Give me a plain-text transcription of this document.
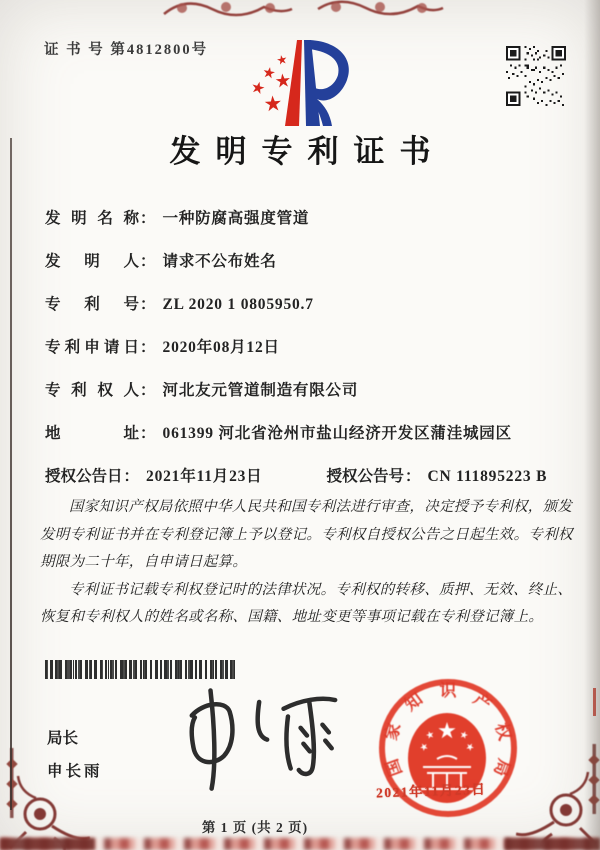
证 书 号 第4812800号
发明专利证书
发明名称 ： 一种防腐高强度管道
发明人 ： 请求不公布姓名
专利号 ： ZL 2020 1 0805950.7
专利申请日 ： 2020年08月12日
专利权人 ： 河北友元管道制造有限公司
地址 ： 061399 河北省沧州市盐山经济开发区蒲洼城园区
授权公告日 ： 2021年11月23日	授权公告号 ： CN 111895223 B

国家知识产权局依照中华人民共和国专利法进行审查，决定授予专利权，颁发发明专利证书并在专利登记簿上予以登记。专利权自授权公告之日起生效。专利权期限为二十年，自申请日起算。

专利证书记载专利权登记时的法律状况。专利权的转移、质押、无效、终止、恢复和专利权人的姓名或名称、国籍、地址变更等事项记载在专利登记簿上。

局长
申长雨	国
家
知 识 产
权
局
2021年11月23日
第 1 页 (共 2 页)
